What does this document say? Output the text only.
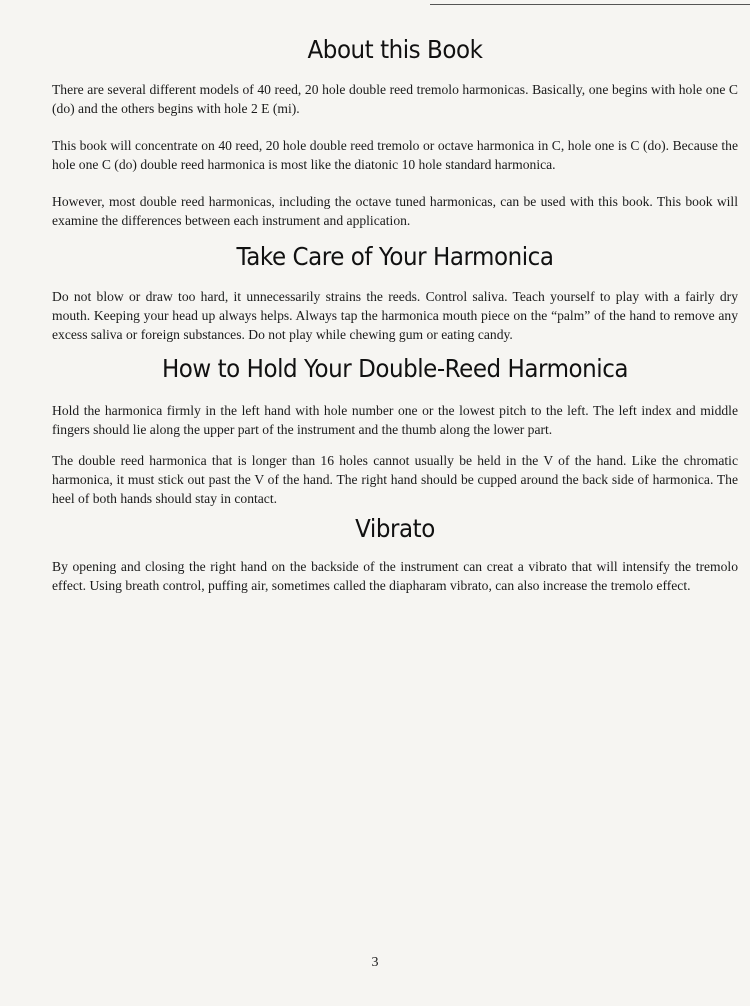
About this Book

There are several different models of 40 reed, 20 hole double reed tremolo harmonicas. Basically, one begins with hole one C (do) and the others begins with hole 2 E (mi).

This book will concentrate on 40 reed, 20 hole double reed tremolo or octave harmonica in C, hole one is C (do). Because the hole one C (do) double reed harmonica is most like the diatonic 10 hole standard harmonica.

However, most double reed harmonicas, including the octave tuned harmonicas, can be used with this book. This book will examine the differences between each instrument and application.

Take Care of Your Harmonica

Do not blow or draw too hard, it unnecessarily strains the reeds. Control saliva. Teach yourself to play with a fairly dry mouth. Keeping your head up always helps. Always tap the harmonica mouth piece on the “palm” of the hand to remove any excess saliva or foreign substances. Do not play while chewing gum or eating candy.

How to Hold Your Double-Reed Harmonica

Hold the harmonica firmly in the left hand with hole number one or the lowest pitch to the left. The left index and middle fingers should lie along the upper part of the instrument and the thumb along the lower part.

The double reed harmonica that is longer than 16 holes cannot usually be held in the V of the hand. Like the chromatic harmonica, it must stick out past the V of the hand. The right hand should be cupped around the back side of harmonica. The heel of both hands should stay in contact.

Vibrato

By opening and closing the right hand on the backside of the instrument can creat a vibrato that will intensify the tremolo effect. Using breath control, puffing air, sometimes called the diapharam vibrato, can also increase the tremolo effect.

3
